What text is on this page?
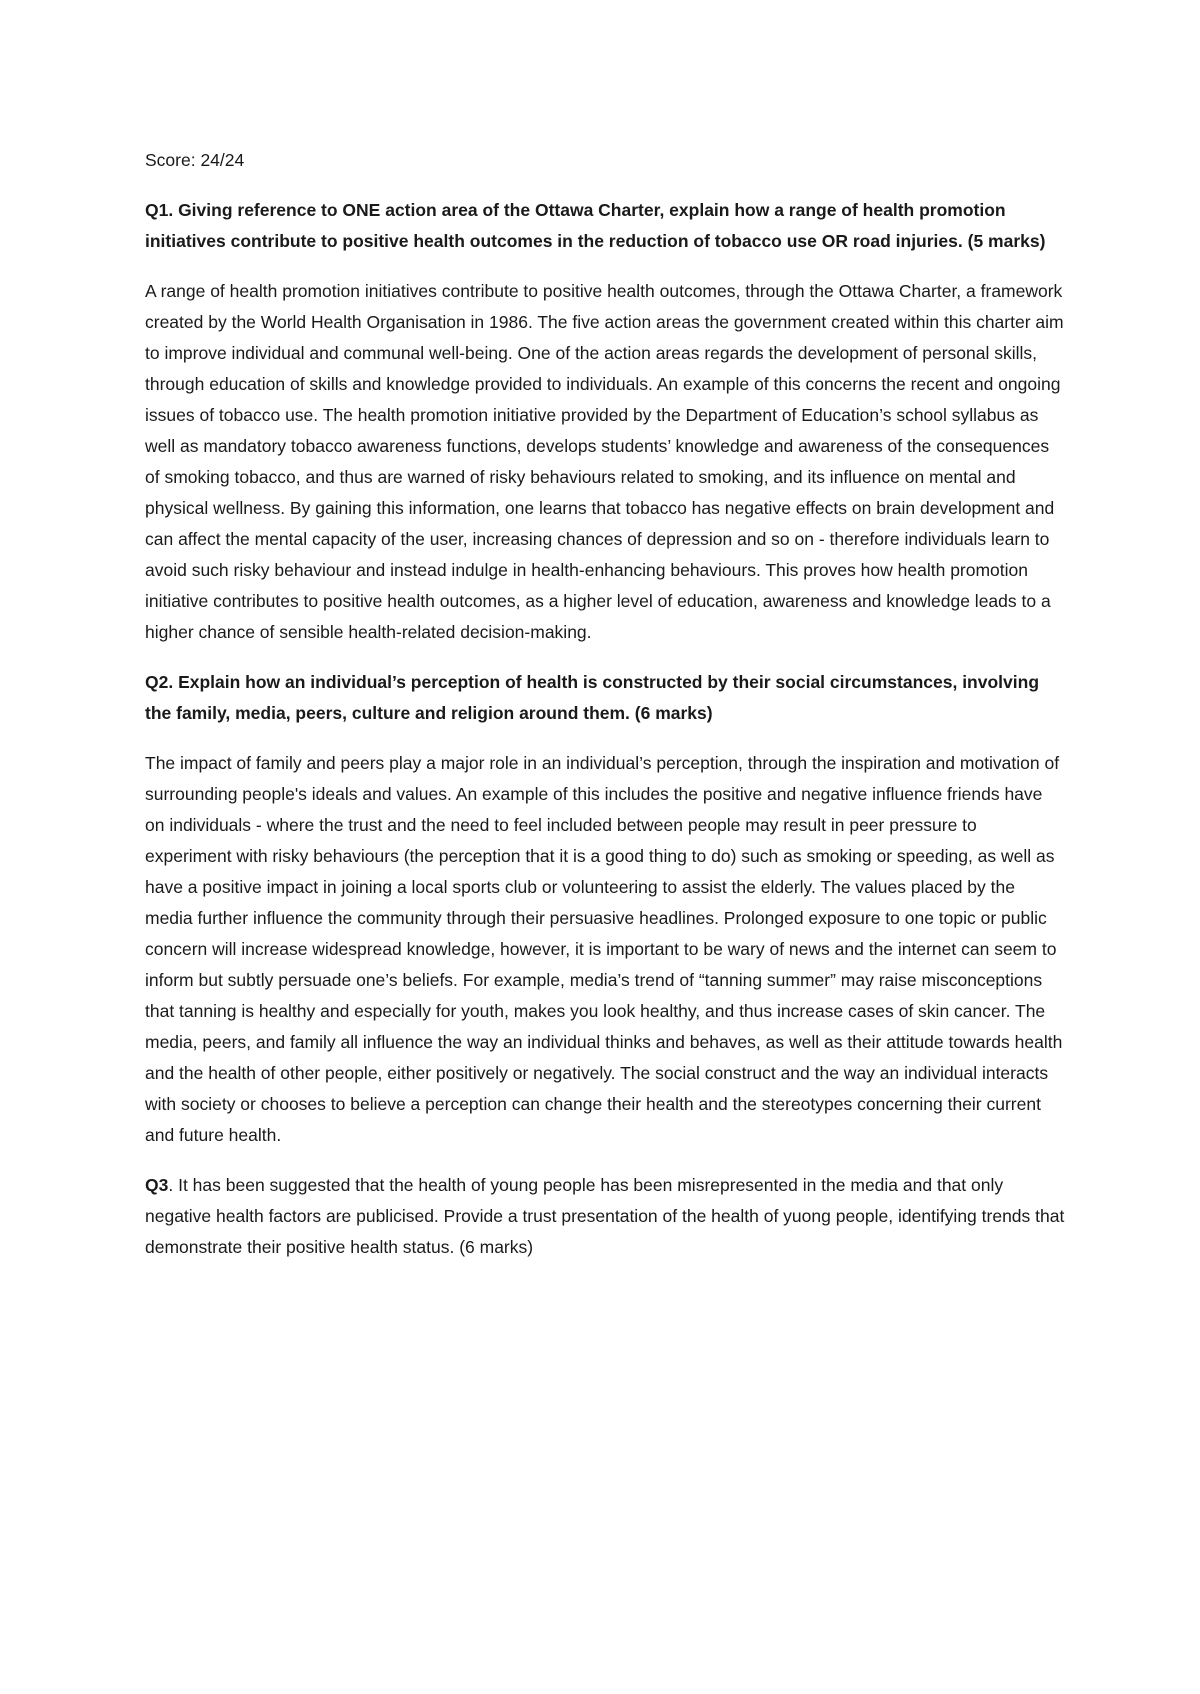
Score: 24/24

Q1. Giving reference to ONE action area of the Ottawa Charter, explain how a range of health promotion initiatives contribute to positive health outcomes in the reduction of tobacco use OR road injuries. (5 marks)

A range of health promotion initiatives contribute to positive health outcomes, through the Ottawa Charter, a framework created by the World Health Organisation in 1986. The five action areas the government created within this charter aim to improve individual and communal well-being. One of the action areas regards the development of personal skills, through education of skills and knowledge provided to individuals. An example of this concerns the recent and ongoing issues of tobacco use. The health promotion initiative provided by the Department of Education’s school syllabus as well as mandatory tobacco awareness functions, develops students’ knowledge and awareness of the consequences of smoking tobacco, and thus are warned of risky behaviours related to smoking, and its influence on mental and physical wellness. By gaining this information, one learns that tobacco has negative effects on brain development and can affect the mental capacity of the user, increasing chances of depression and so on - therefore individuals learn to avoid such risky behaviour and instead indulge in health-enhancing behaviours. This proves how health promotion initiative contributes to positive health outcomes, as a higher level of education, awareness and knowledge leads to a higher chance of sensible health-related decision-making.

Q2. Explain how an individual’s perception of health is constructed by their social circumstances, involving the family, media, peers, culture and religion around them. (6 marks)

The impact of family and peers play a major role in an individual’s perception, through the inspiration and motivation of surrounding people's ideals and values. An example of this includes the positive and negative influence friends have on individuals - where the trust and the need to feel included between people may result in peer pressure to experiment with risky behaviours (the perception that it is a good thing to do) such as smoking or speeding, as well as have a positive impact in joining a local sports club or volunteering to assist the elderly. The values placed by the media further influence the community through their persuasive headlines. Prolonged exposure to one topic or public concern will increase widespread knowledge, however, it is important to be wary of news and the internet can seem to inform but subtly persuade one’s beliefs. For example, media’s trend of “tanning summer” may raise misconceptions that tanning is healthy and especially for youth, makes you look healthy, and thus increase cases of skin cancer. The media, peers, and family all influence the way an individual thinks and behaves, as well as their attitude towards health and the health of other people, either positively or negatively. The social construct and the way an individual interacts with society or chooses to believe a perception can change their health and the stereotypes concerning their current and future health.

Q3. It has been suggested that the health of young people has been misrepresented in the media and that only negative health factors are publicised. Provide a trust presentation of the health of yuong people, identifying trends that demonstrate their positive health status. (6 marks)
